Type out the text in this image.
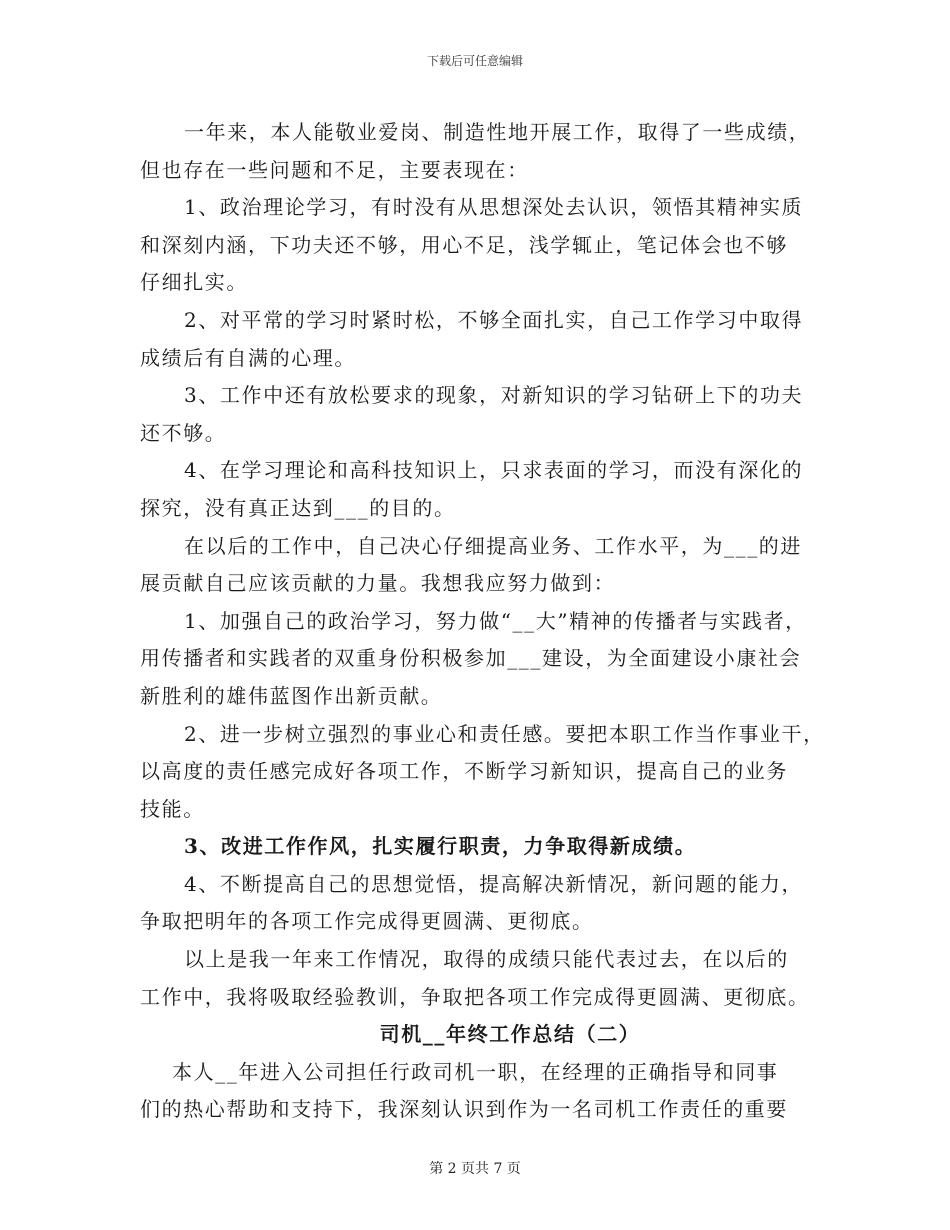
下载后可任意编辑
一年来，本人能敬业爱岗、制造性地开展工作，取得了一些成绩，
但也存在一些问题和不足，主要表现在：
1、政治理论学习，有时没有从思想深处去认识，领悟其精神实质
和深刻内涵，下功夫还不够，用心不足，浅学辄止，笔记体会也不够
仔细扎实。
2、对平常的学习时紧时松，不够全面扎实，自己工作学习中取得
成绩后有自满的心理。
3、工作中还有放松要求的现象，对新知识的学习钻研上下的功夫
还不够。
4、在学习理论和高科技知识上，只求表面的学习，而没有深化的
探究，没有真正达到___的目的。
在以后的工作中，自己决心仔细提高业务、工作水平，为___的进
展贡献自己应该贡献的力量。我想我应努力做到：
1、加强自己的政治学习，努力做“__大”精神的传播者与实践者，
用传播者和实践者的双重身份积极参加___建设，为全面建设小康社会
新胜利的雄伟蓝图作出新贡献。
2、进一步树立强烈的事业心和责任感。要把本职工作当作事业干，
以高度的责任感完成好各项工作，不断学习新知识，提高自己的业务
技能。
3、改进工作作风，扎实履行职责，力争取得新成绩。
4、不断提高自己的思想觉悟，提高解决新情况，新问题的能力，
争取把明年的各项工作完成得更圆满、更彻底。
以上是我一年来工作情况，取得的成绩只能代表过去，在以后的
工作中，我将吸取经验教训，争取把各项工作完成得更圆满、更彻底。
司机__年终工作总结（二）
本人__年进入公司担任行政司机一职，在经理的正确指导和同事
们的热心帮助和支持下，我深刻认识到作为一名司机工作责任的重要
第 2 页共 7 页
